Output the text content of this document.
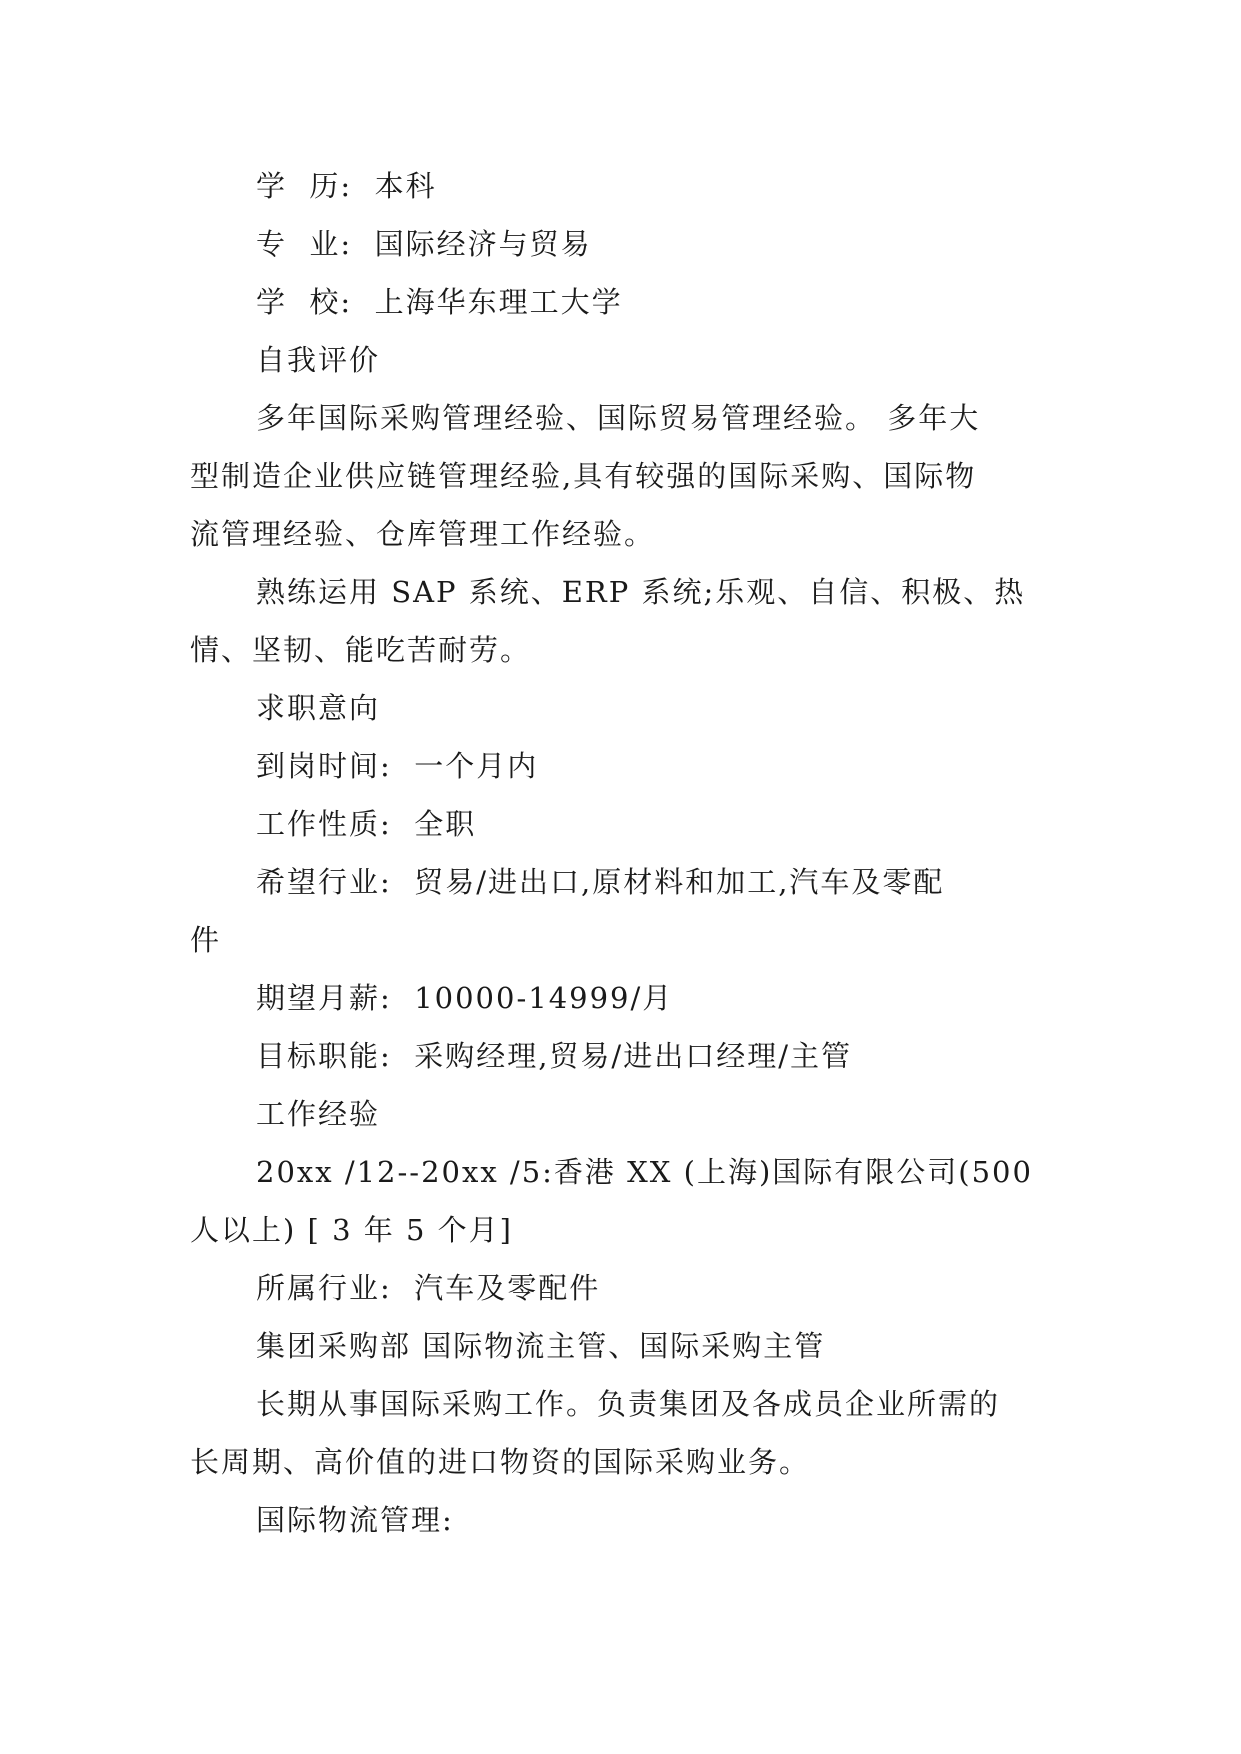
学  历:  本科
专  业:  国际经济与贸易
学  校:  上海华东理工大学
自我评价
多年国际采购管理经验、国际贸易管理经验。 多年大
型制造企业供应链管理经验,具有较强的国际采购、国际物
流管理经验、仓库管理工作经验。
熟练运用 SAP 系统、ERP 系统;乐观、自信、积极、热
情、坚韧、能吃苦耐劳。
求职意向
到岗时间:  一个月内
工作性质:  全职
希望行业:  贸易/进出口,原材料和加工,汽车及零配
件
期望月薪:  10000-14999/月
目标职能:  采购经理,贸易/进出口经理/主管
工作经验
20xx /12--20xx /5:香港 XX (上海)国际有限公司(500
人以上) [ 3 年 5 个月]
所属行业:  汽车及零配件
集团采购部 国际物流主管、国际采购主管
长期从事国际采购工作。负责集团及各成员企业所需的
长周期、高价值的进口物资的国际采购业务。
国际物流管理:
